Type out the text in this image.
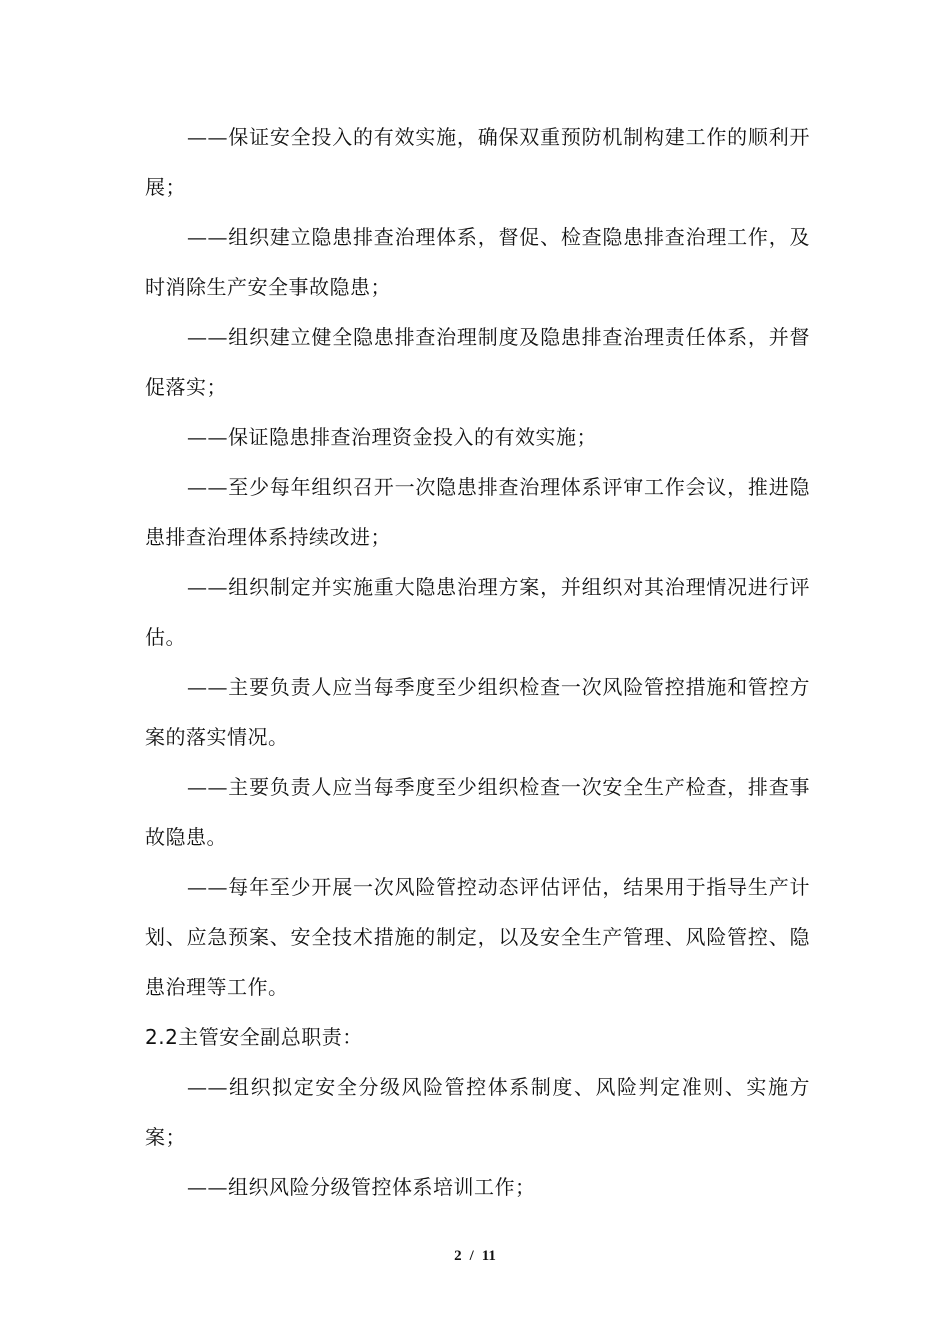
——保证安全投入的有效实施，确保双重预防机制构建工作的顺利开展；

——组织建立隐患排查治理体系，督促、检查隐患排查治理工作，及时消除生产安全事故隐患；

——组织建立健全隐患排查治理制度及隐患排查治理责任体系，并督促落实；

——保证隐患排查治理资金投入的有效实施；

——至少每年组织召开一次隐患排查治理体系评审工作会议，推进隐患排查治理体系持续改进；

——组织制定并实施重大隐患治理方案，并组织对其治理情况进行评估。

——主要负责人应当每季度至少组织检查一次风险管控措施和管控方案的落实情况。

——主要负责人应当每季度至少组织检查一次安全生产检查，排查事故隐患。

——每年至少开展一次风险管控动态评估评估，结果用于指导生产计划、应急预案、安全技术措施的制定，以及安全生产管理、风险管控、隐患治理等工作。

2.2主管安全副总职责：

——组织拟定安全分级风险管控体系制度、风险判定准则、实施方案；

——组织风险分级管控体系培训工作；

2 / 11
